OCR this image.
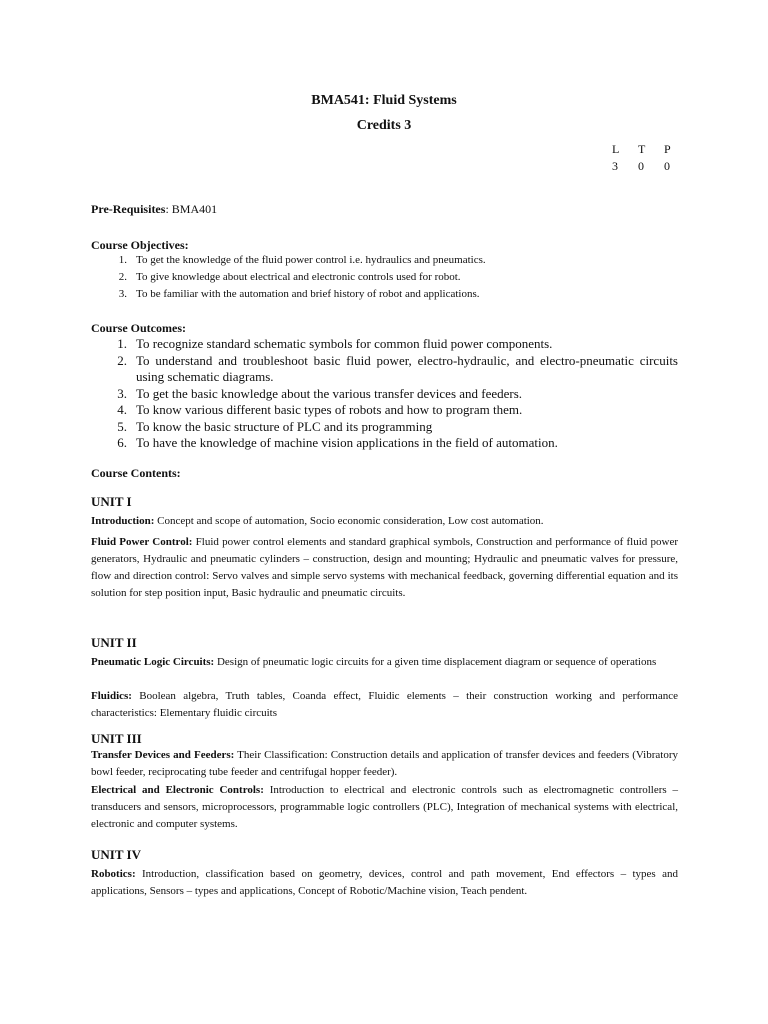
BMA541: Fluid Systems
Credits 3
L	T	P
3	0	0
Pre-Requisites: BMA401
Course Objectives:
1. To get the knowledge of the fluid power control i.e. hydraulics and pneumatics.
2. To give knowledge about electrical and electronic controls used for robot.
3. To be familiar with the automation and brief history of robot and applications.
Course Outcomes:
1. To recognize standard schematic symbols for common fluid power components.
2. To understand and troubleshoot basic fluid power, electro-hydraulic, and electro-pneumatic circuits using schematic diagrams.
3. To get the basic knowledge about the various transfer devices and feeders.
4. To know various different basic types of robots and how to program them.
5. To know the basic structure of PLC and its programming
6. To have the knowledge of machine vision applications in the field of automation.
Course Contents:
UNIT I

Introduction: Concept and scope of automation, Socio economic consideration, Low cost automation.

Fluid Power Control: Fluid power control elements and standard graphical symbols, Construction and performance of fluid power generators, Hydraulic and pneumatic cylinders – construction, design and mounting; Hydraulic and pneumatic valves for pressure, flow and direction control: Servo valves and simple servo systems with mechanical feedback, governing differential equation and its solution for step position input, Basic hydraulic and pneumatic circuits.

UNIT II

Pneumatic Logic Circuits: Design of pneumatic logic circuits for a given time displacement diagram or sequence of operations

Fluidics: Boolean algebra, Truth tables, Coanda effect, Fluidic elements – their construction working and performance characteristics: Elementary fluidic circuits

UNIT III

Transfer Devices and Feeders: Their Classification: Construction details and application of transfer devices and feeders (Vibratory bowl feeder, reciprocating tube feeder and centrifugal hopper feeder).

Electrical and Electronic Controls: Introduction to electrical and electronic controls such as electromagnetic controllers – transducers and sensors, microprocessors, programmable logic controllers (PLC), Integration of mechanical systems with electrical, electronic and computer systems.

UNIT IV

Robotics: Introduction, classification based on geometry, devices, control and path movement, End effectors – types and applications, Sensors – types and applications, Concept of Robotic/Machine vision, Teach pendent.
